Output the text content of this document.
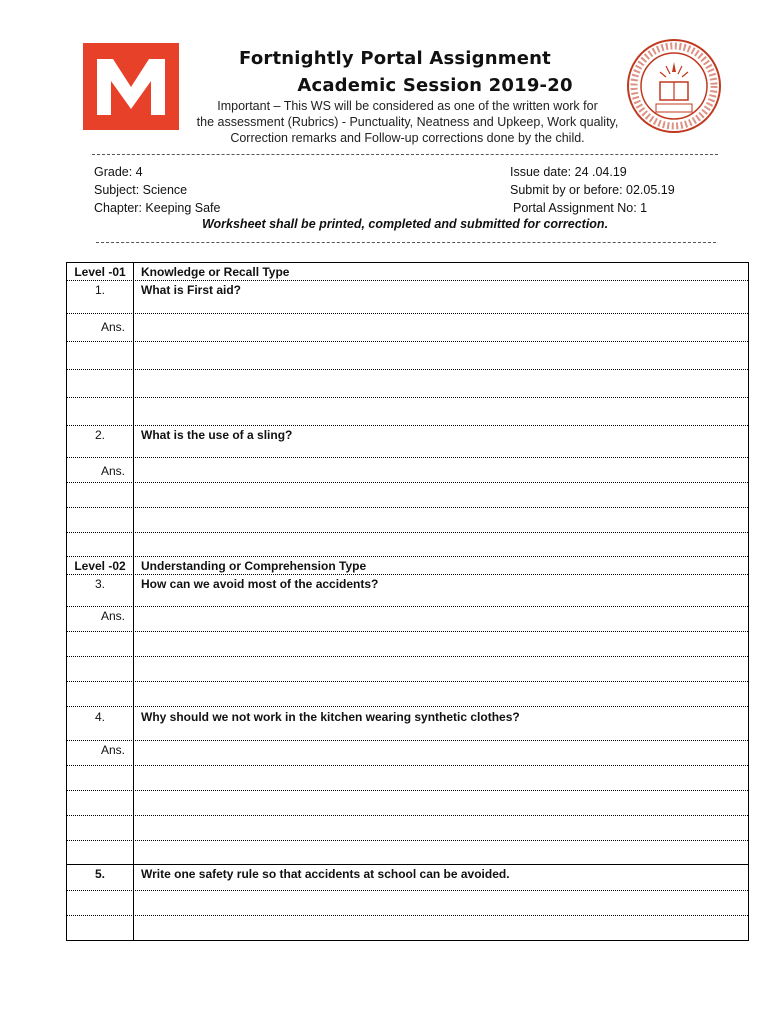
Fortnightly Portal Assignment
Academic Session 2019-20
Important – This WS will be considered as one of the written work for
the assessment (Rubrics) - Punctuality, Neatness and Upkeep, Work quality,
Correction remarks and Follow-up corrections done by the child.
Grade: 4
Subject: Science
Chapter: Keeping Safe
Issue date: 24 .04.19
Submit by or before: 02.05.19
Portal Assignment No: 1
Worksheet shall be printed, completed and submitted for correction.
Level -01	Knowledge or Recall Type
1.	What is First aid?
Ans.
2.	What is the use of a sling?
Ans.
Level -02	Understanding or Comprehension Type
3.	How can we avoid most of the accidents?
Ans.
4.	Why should we not work in the kitchen wearing synthetic clothes?
Ans.
5.	Write one safety rule so that accidents at school can be avoided.
